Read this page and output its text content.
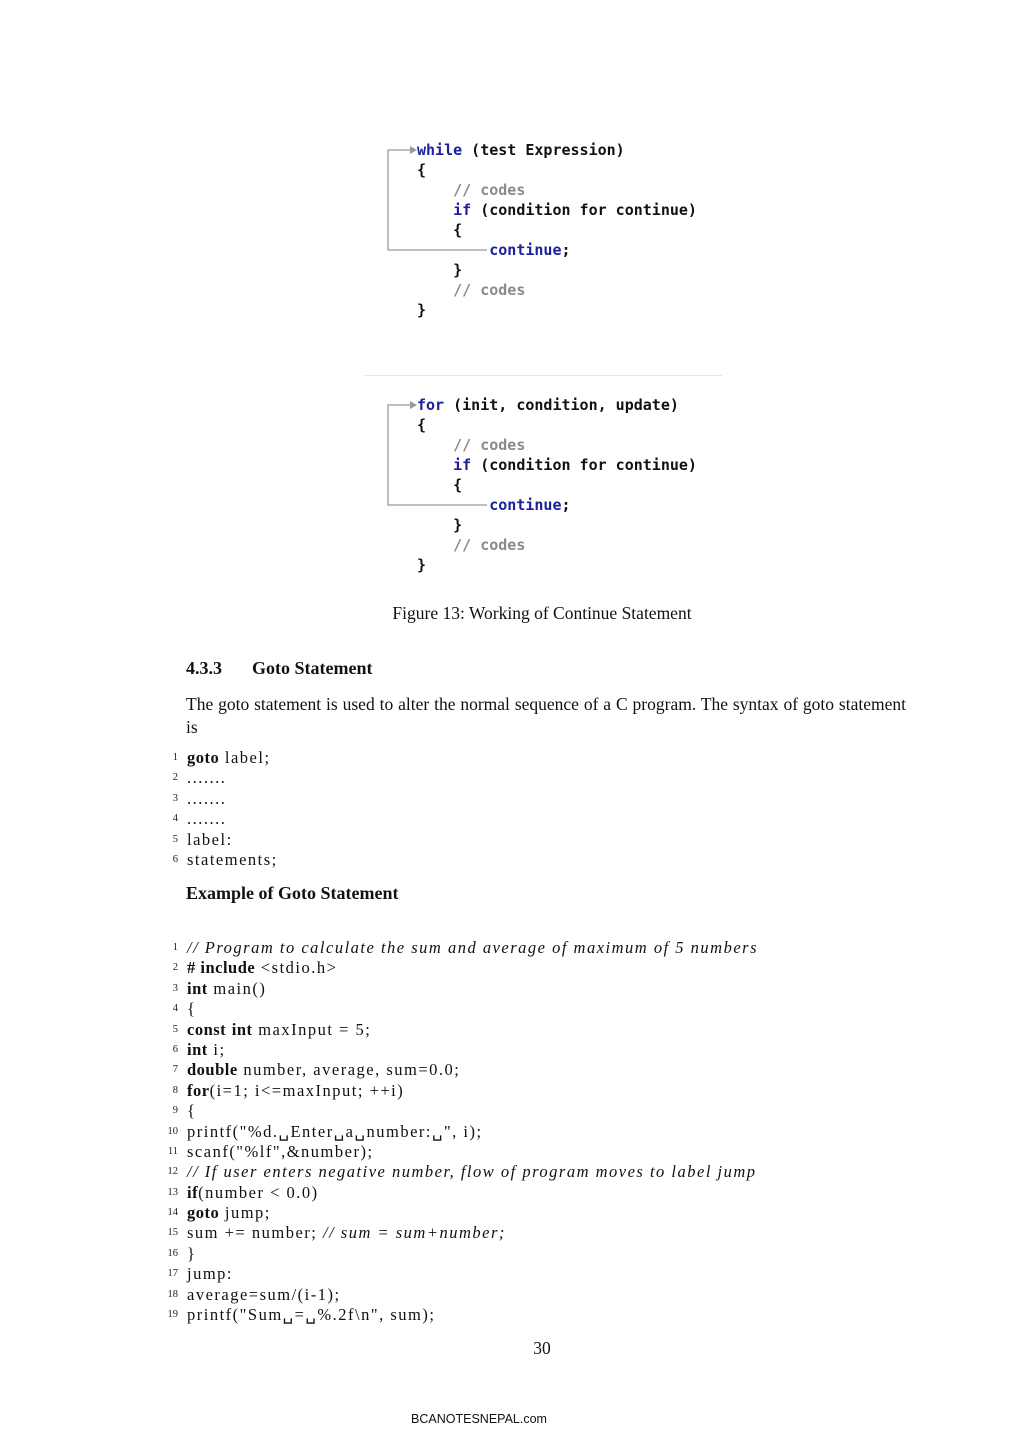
while (test Expression)
{
// codes
if (condition for continue)
{
continue;
}
// codes
}
for (init, condition, update)
{
// codes
if (condition for continue)
{
continue;
}
// codes
}
Figure 13: Working of Continue Statement
4.3.3 Goto Statement
The goto statement is used to alter the normal sequence of a C program. The syntax of goto statement is
1 goto label;
2 .......
3 .......
4 .......
5 label:
6 statements;
Example of Goto Statement
1 // Program to calculate the sum and average of maximum of 5 numbers
2 # include <stdio.h>
3 int main()
4 {
5 const int maxInput = 5;
6 int i;
7 double number, average, sum=0.0;
8 for(i=1; i<=maxInput; ++i)
9 {
10 printf("%d.␣Enter␣a␣number:␣", i);
11 scanf("%lf",&number);
12 // If user enters negative number, flow of program moves to label jump
13 if(number < 0.0)
14 goto jump;
15 sum += number; // sum = sum+number;
16 }
17 jump:
18 average=sum/(i-1);
19 printf("Sum␣=␣%.2f\n", sum);
30
BCANOTESNEPAL.com
